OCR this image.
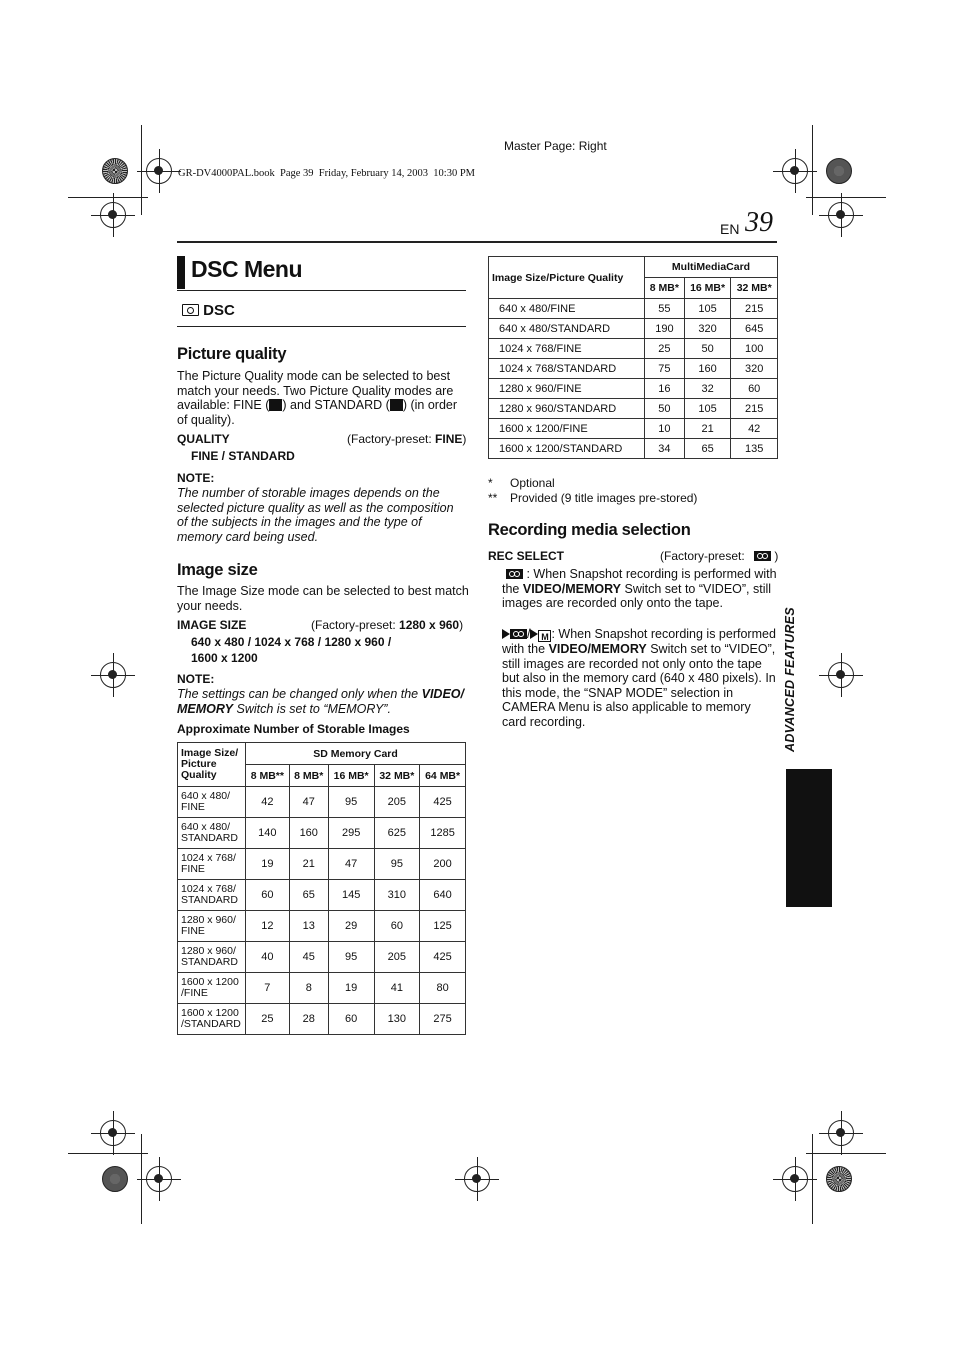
Master Page: Right
GR-DV4000PAL.book  Page 39  Friday, February 14, 2003  10:30 PM
EN 39
DSC Menu
DSC
Picture quality
The Picture Quality mode can be selected to best match your needs. Two Picture Quality modes are available: FINE ( ) and STANDARD ( ) (in order of quality).
QUALITY	(Factory-preset: FINE)
FINE / STANDARD
NOTE:
The number of storable images depends on the selected picture quality as well as the composition of the subjects in the images and the type of memory card being used.
Image size
The Image Size mode can be selected to best match your needs.
IMAGE SIZE	(Factory-preset: 1280 x 960)
640 x 480 / 1024 x 768 / 1280 x 960 /
1600 x 1200
NOTE:
The settings can be changed only when the VIDEO/ MEMORY Switch is set to “MEMORY”.
Approximate Number of Storable Images
Image Size/ Picture Quality	SD Memory Card				
	8 MB**	8 MB*	16 MB*	32 MB*	64 MB*
640 x 480/ FINE	42	47	95	205	425
640 x 480/ STANDARD	140	160	295	625	1285
1024 x 768/ FINE	19	21	47	95	200
1024 x 768/ STANDARD	60	65	145	310	640
1280 x 960/ FINE	12	13	29	60	125
1280 x 960/ STANDARD	40	45	95	205	425
1600 x 1200 /FINE	7	8	19	41	80
1600 x 1200 /STANDARD	25	28	60	130	275
Image Size/Picture Quality	MultiMediaCard		
	8 MB*	16 MB*	32 MB*
640 x 480/FINE	55	105	215
640 x 480/STANDARD	190	320	645
1024 x 768/FINE	25	50	100
1024 x 768/STANDARD	75	160	320
1280 x 960/FINE	16	32	60
1280 x 960/STANDARD	50	105	215
1600 x 1200/FINE	10	21	42
1600 x 1200/STANDARD	34	65	135
* Optional
** Provided (9 title images pre-stored)
Recording media selection
REC SELECT	(Factory-preset:  )
: When Snapshot recording is performed with the VIDEO/MEMORY Switch set to “VIDEO”, still images are recorded only onto the tape.
/ M : When Snapshot recording is performed with the VIDEO/MEMORY Switch set to “VIDEO”, still images are recorded not only onto the tape but also in the memory card (640 x 480 pixels). In this mode, the “SNAP MODE” selection in CAMERA Menu is also applicable to memory card recording.	ADVANCED FEATURES
